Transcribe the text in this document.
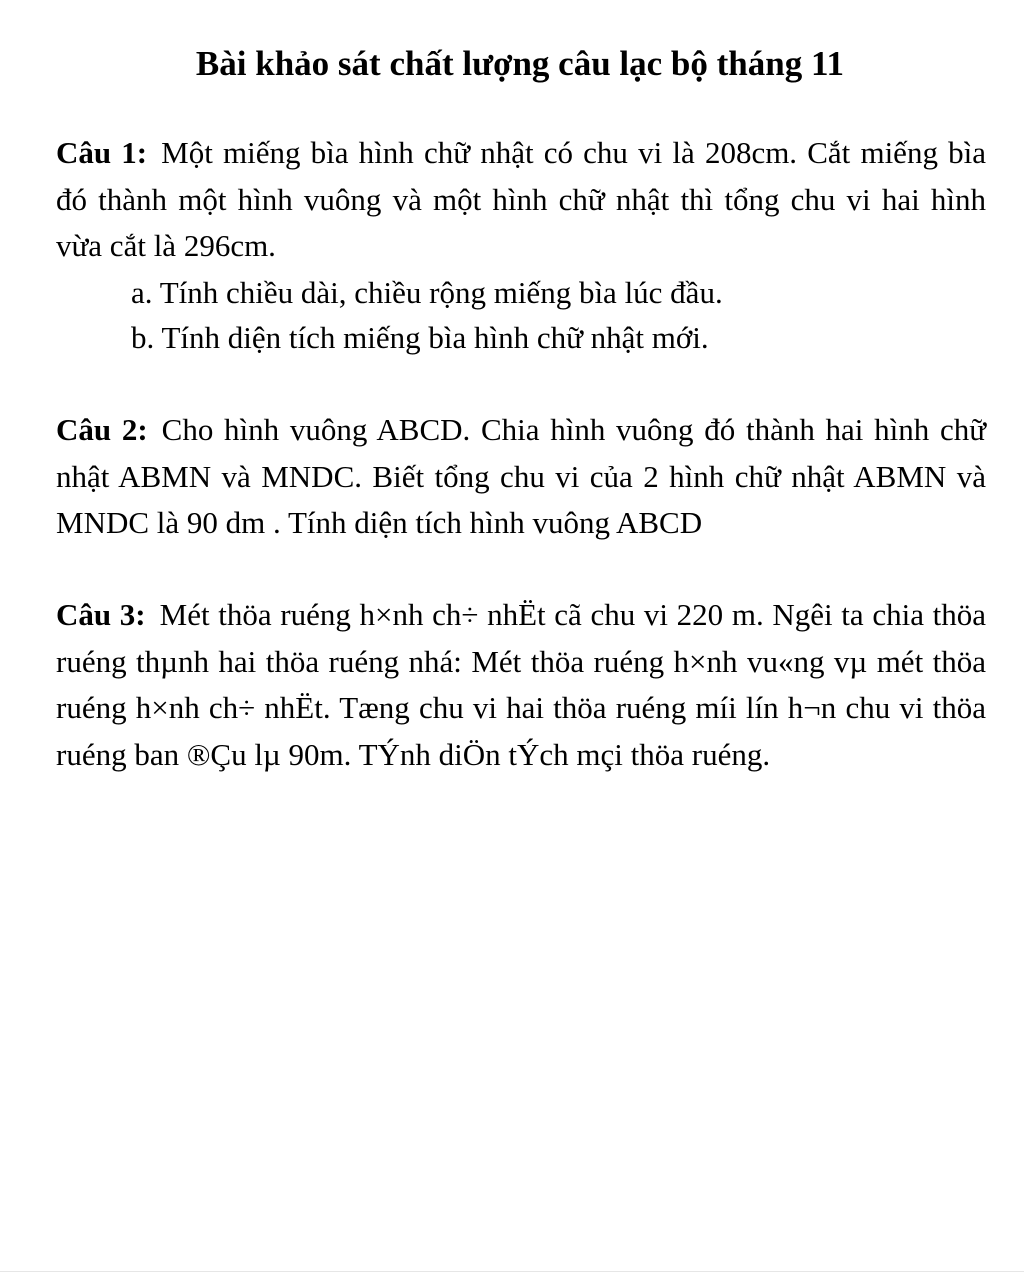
Bài khảo sát chất lượng câu lạc bộ tháng 11

Câu 1: Một miếng bìa hình chữ nhật có chu vi là 208cm. Cắt miếng bìa đó thành một hình vuông và một hình chữ nhật thì tổng chu vi hai hình vừa cắt là 296cm.

a. Tính chiều dài, chiều rộng miếng bìa lúc đầu.

b. Tính diện tích miếng bìa hình chữ nhật mới.

Câu 2: Cho hình vuông ABCD. Chia hình vuông đó thành hai hình chữ nhật ABMN và MNDC. Biết tổng chu vi của 2 hình chữ nhật ABMN và MNDC là 90 dm . Tính diện tích hình vuông ABCD

Câu 3: Mét thöa ruéng h×nh ch÷ nhËt cã chu vi 220 m. Ngêi ta chia thöa ruéng thµnh hai thöa ruéng nhá: Mét thöa ruéng h×nh vu«ng vµ mét thöa ruéng h×nh ch÷ nhËt. Tæng chu vi hai thöa ruéng míi lín h¬n chu vi thöa ruéng ban ®Çu lµ 90m. TÝnh diÖn tÝch mçi thöa ruéng.
